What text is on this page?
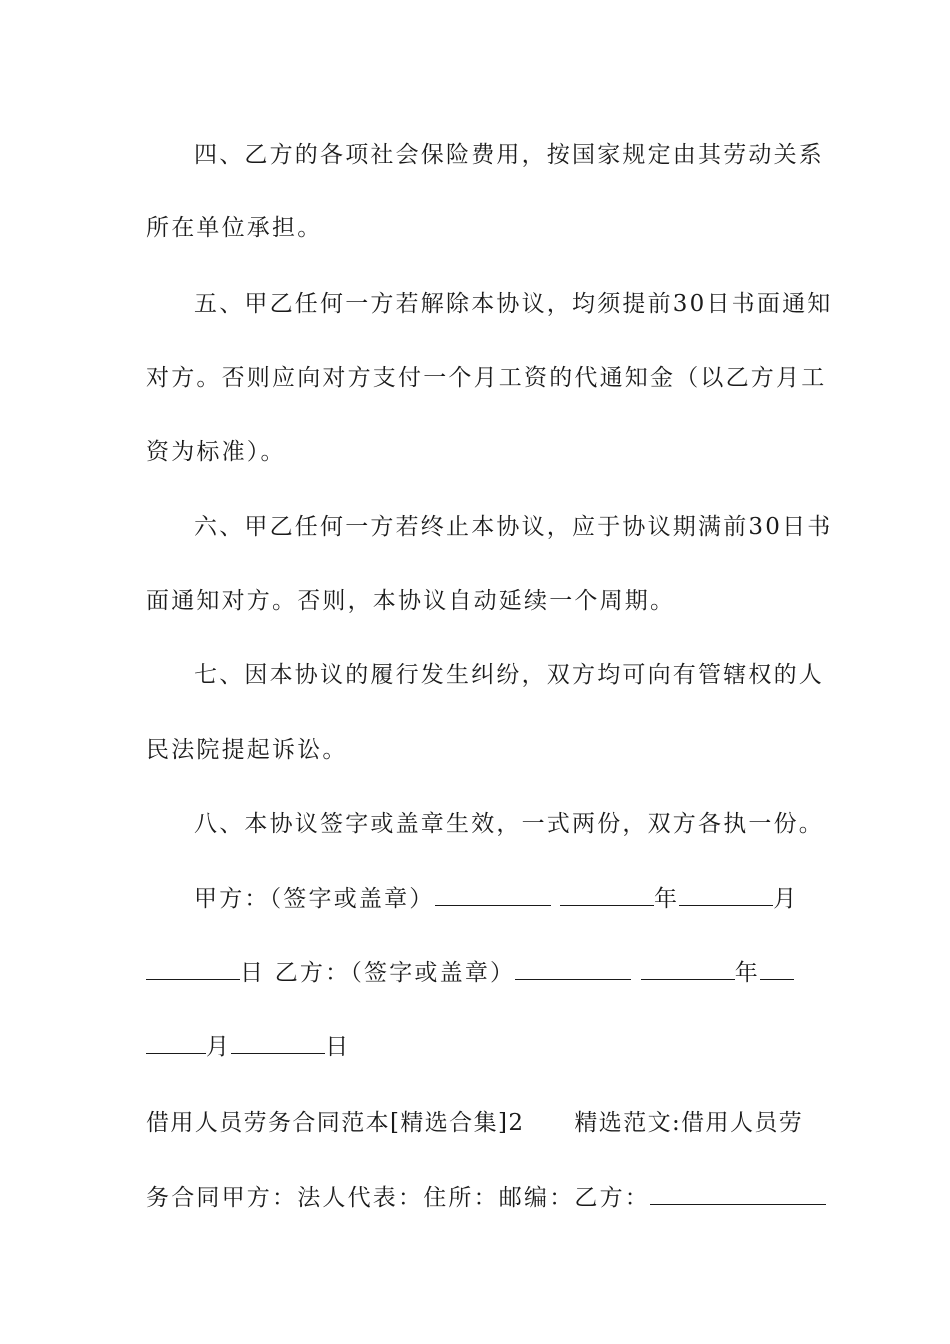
四、乙方的各项社会保险费用，按国家规定由其劳动关系
所在单位承担。
五、甲乙任何一方若解除本协议，均须提前30日书面通知
对方。否则应向对方支付一个月工资的代通知金（以乙方月工
资为标准）。
六、甲乙任何一方若终止本协议，应于协议期满前30日书
面通知对方。否则，本协议自动延续一个周期。
七、因本协议的履行发生纠纷，双方均可向有管辖权的人
民法院提起诉讼。
八、本协议签字或盖章生效，一式两份，双方各执一份。
甲方：（签字或盖章）	年	月
日 乙方：（签字或盖章）	年
月	日
借用人员劳务合同范本[精选合集]2 精选范文:借用人员劳
务合同甲方：法人代表：住所：邮编：乙方：
